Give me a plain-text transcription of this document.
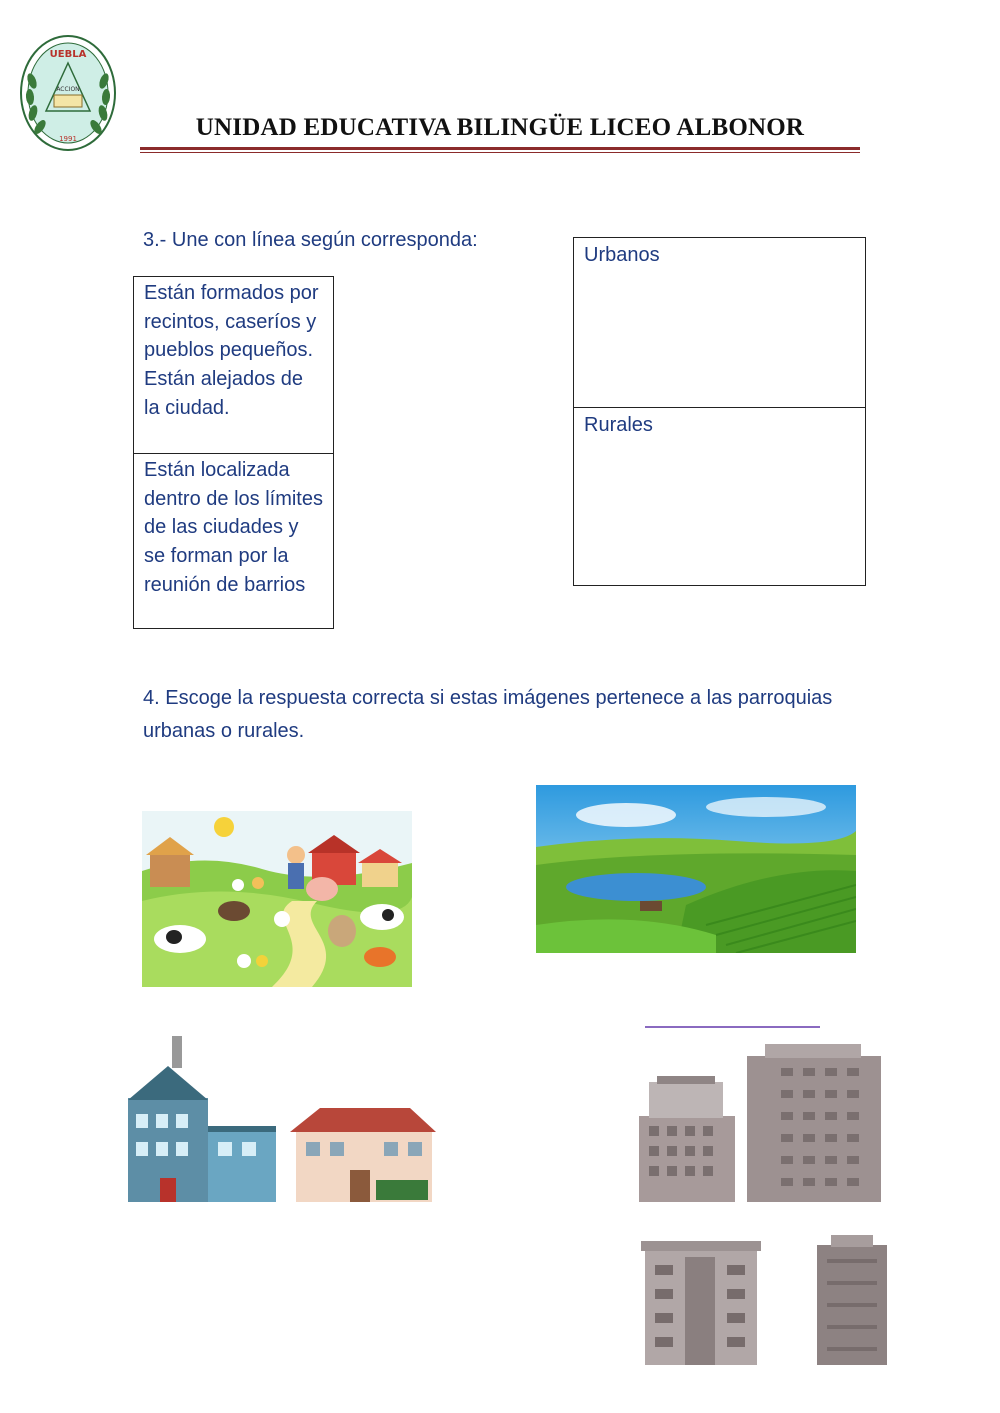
UEBLA
ACCION
1991	UNIDAD EDUCATIVA BILINGÜE LICEO ALBONOR
3.- Une con línea según corresponda:
Están formados por recintos, caseríos y pueblos pequeños. Están alejados de la ciudad.
Están localizada dentro de los límites de las ciudades y se forman por la reunión de barrios
Urbanos
Rurales
4. Escoge la respuesta correcta si estas imágenes pertenece a las parroquias urbanas o rurales.
